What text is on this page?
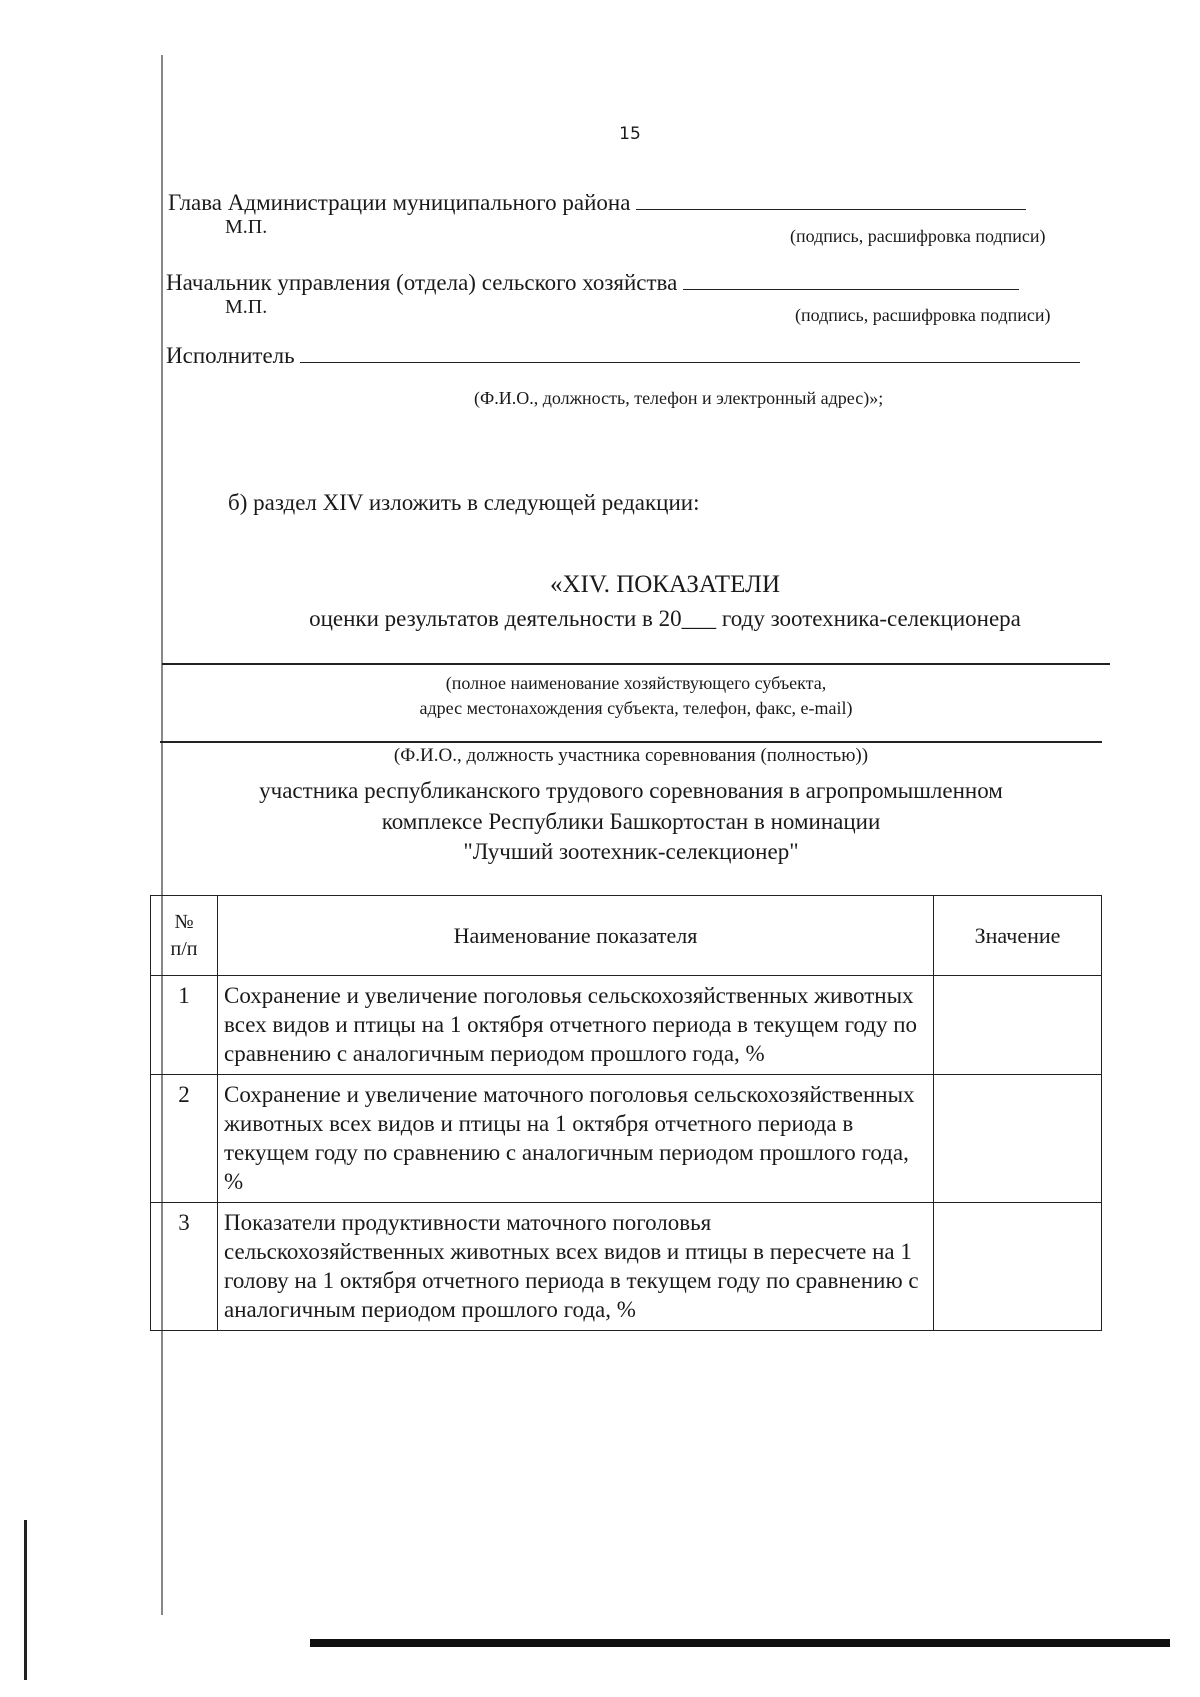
15
Глава Администрации муниципального района
М.П.	(подпись, расшифровка подписи)
Начальник управления (отдела) сельского хозяйства
М.П.	(подпись, расшифровка подписи)
Исполнитель
(Ф.И.О., должность, телефон и электронный адрес)»;
б) раздел XIV изложить в следующей редакции:
«XIV. ПОКАЗАТЕЛИ
оценки результатов деятельности в 20___ году зоотехника-селекционера
(полное наименование хозяйствующего субъекта,
адрес местонахождения субъекта, телефон, факс, e-mail)
(Ф.И.О., должность участника соревнования (полностью))
участника республиканского трудового соревнования в агропромышленном
комплексе Республики Башкортостан в номинации
"Лучший зоотехник-селекционер"
№
п/п	Наименование показателя	Значение
1	Сохранение и увеличение поголовья сельскохозяйственных животных всех видов и птицы на 1 октября отчетного периода в текущем году по сравнению с аналогичным периодом прошлого года, %	
2	Сохранение и увеличение маточного поголовья сельскохозяйственных животных всех видов и птицы на 1 октября отчетного периода в текущем году по сравнению с аналогичным периодом прошлого года, %	
3	Показатели продуктивности маточного поголовья сельскохозяйственных животных всех видов и птицы в пересчете на 1 голову на 1 октября отчетного периода в текущем году по сравнению с аналогичным периодом прошлого года, %	
